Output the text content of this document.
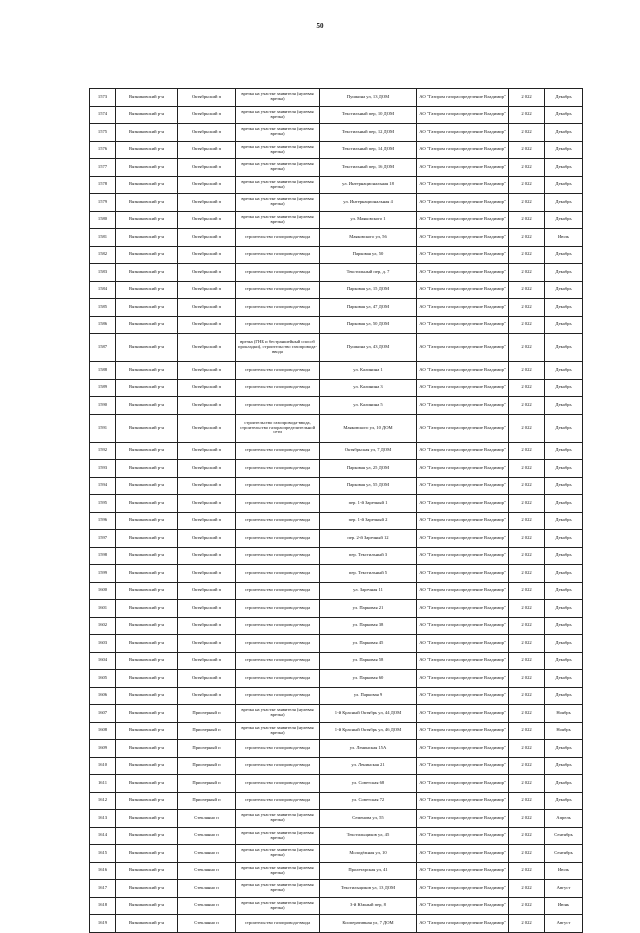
50
1573	Вязниковский р-н	Октябрьский п	врезка на участке заявителя (нулевая врезка)	Пушкина ул, 13 ДОМ	АО "Газпром газораспределение Владимир"	2 022	Декабрь
1574	Вязниковский р-н	Октябрьский п	врезка на участке заявителя (нулевая врезка)	Текстильный пер, 10 ДОМ	АО "Газпром газораспределение Владимир"	2 022	Декабрь
1575	Вязниковский р-н	Октябрьский п	врезка на участке заявителя (нулевая врезка)	Текстильный пер, 12 ДОМ	АО "Газпром газораспределение Владимир"	2 022	Декабрь
1576	Вязниковский р-н	Октябрьский п	врезка на участке заявителя (нулевая врезка)	Текстильный пер, 14 ДОМ	АО "Газпром газораспределение Владимир"	2 022	Декабрь
1577	Вязниковский р-н	Октябрьский п	врезка на участке заявителя (нулевая врезка)	Текстильный пер, 16 ДОМ	АО "Газпром газораспределение Владимир"	2 022	Декабрь
1578	Вязниковский р-н	Октябрьский п	врезка на участке заявителя (нулевая врезка)	ул. Интернациональная 18	АО "Газпром газораспределение Владимир"	2 022	Декабрь
1579	Вязниковский р-н	Октябрьский п	врезка на участке заявителя (нулевая врезка)	ул. Интернациональная 4	АО "Газпром газораспределение Владимир"	2 022	Декабрь
1580	Вязниковский р-н	Октябрьский п	врезка на участке заявителя (нулевая врезка)	ул. Маяковского 1	АО "Газпром газораспределение Владимир"	2 022	Декабрь
1581	Вязниковский р-н	Октябрьский п	строительство газопровода-ввода	Маяковского ул, 56	АО "Газпром газораспределение Владимир"	2 022	Июль
1582	Вязниковский р-н	Октябрьский п	строительство газопровода-ввода	Парковая ул, 50	АО "Газпром газораспределение Владимир"	2 022	Декабрь
1583	Вязниковский р-н	Октябрьский п	строительство газопровода-ввода	Текстильный пер, д. 7	АО "Газпром газораспределение Владимир"	2 022	Декабрь
1584	Вязниковский р-н	Октябрьский п	строительство газопровода-ввода	Парковая ул, 15 ДОМ	АО "Газпром газораспределение Владимир"	2 022	Декабрь
1585	Вязниковский р-н	Октябрьский п	строительство газопровода-ввода	Парковая ул, 47 ДОМ	АО "Газпром газораспределение Владимир"	2 022	Декабрь
1586	Вязниковский р-н	Октябрьский п	строительство газопровода-ввода	Парковая ул, 50 ДОМ	АО "Газпром газораспределение Владимир"	2 022	Декабрь
1587	Вязниковский р-н	Октябрьский п	врезка (ГНБ и бестраншейный способ прокладки), строительство газопровода-ввода	Пушкина ул, 43 ДОМ	АО "Газпром газораспределение Владимир"	2 022	Декабрь
1588	Вязниковский р-н	Октябрьский п	строительство газопровода-ввода	ул. Калинина 1	АО "Газпром газораспределение Владимир"	2 022	Декабрь
1589	Вязниковский р-н	Октябрьский п	строительство газопровода-ввода	ул. Калинина 3	АО "Газпром газораспределение Владимир"	2 022	Декабрь
1590	Вязниковский р-н	Октябрьский п	строительство газопровода-ввода	ул. Калинина 5	АО "Газпром газораспределение Владимир"	2 022	Декабрь
1591	Вязниковский р-н	Октябрьский п	строительство газопровода-ввода, строительство газораспределительной сети	Маяковского ул, 10 ДОМ	АО "Газпром газораспределение Владимир"	2 022	Декабрь
1592	Вязниковский р-н	Октябрьский п	строительство газопровода-ввода	Октябрьская ул, 7 ДОМ	АО "Газпром газораспределение Владимир"	2 022	Декабрь
1593	Вязниковский р-н	Октябрьский п	строительство газопровода-ввода	Парковая ул, 25 ДОМ	АО "Газпром газораспределение Владимир"	2 022	Декабрь
1594	Вязниковский р-н	Октябрьский п	строительство газопровода-ввода	Парковая ул, 55 ДОМ	АО "Газпром газораспределение Владимир"	2 022	Декабрь
1595	Вязниковский р-н	Октябрьский п	строительство газопровода-ввода	пер. 1-й Заречный 1	АО "Газпром газораспределение Владимир"	2 022	Декабрь
1596	Вязниковский р-н	Октябрьский п	строительство газопровода-ввода	пер. 1-й Заречный 2	АО "Газпром газораспределение Владимир"	2 022	Декабрь
1597	Вязниковский р-н	Октябрьский п	строительство газопровода-ввода	пер. 2-й Заречный 12	АО "Газпром газораспределение Владимир"	2 022	Декабрь
1598	Вязниковский р-н	Октябрьский п	строительство газопровода-ввода	пер. Текстильный 3	АО "Газпром газораспределение Владимир"	2 022	Декабрь
1599	Вязниковский р-н	Октябрьский п	строительство газопровода-ввода	пер. Текстильный 5	АО "Газпром газораспределение Владимир"	2 022	Декабрь
1600	Вязниковский р-н	Октябрьский п	строительство газопровода-ввода	ул. Заречная 11	АО "Газпром газораспределение Владимир"	2 022	Декабрь
1601	Вязниковский р-н	Октябрьский п	строительство газопровода-ввода	ул. Парковая 21	АО "Газпром газораспределение Владимир"	2 022	Декабрь
1602	Вязниковский р-н	Октябрьский п	строительство газопровода-ввода	ул. Парковая 38	АО "Газпром газораспределение Владимир"	2 022	Декабрь
1603	Вязниковский р-н	Октябрьский п	строительство газопровода-ввода	ул. Парковая 45	АО "Газпром газораспределение Владимир"	2 022	Декабрь
1604	Вязниковский р-н	Октябрьский п	строительство газопровода-ввода	ул. Парковая 58	АО "Газпром газораспределение Владимир"	2 022	Декабрь
1605	Вязниковский р-н	Октябрьский п	строительство газопровода-ввода	ул. Парковая 60	АО "Газпром газораспределение Владимир"	2 022	Декабрь
1606	Вязниковский р-н	Октябрьский п	строительство газопровода-ввода	ул. Парковая 9	АО "Газпром газораспределение Владимир"	2 022	Декабрь
1607	Вязниковский р-н	Приозерный п	врезка на участке заявителя (нулевая врезка)	1-й Красный Октябрь ул, 44 ДОМ	АО "Газпром газораспределение Владимир"	2 022	Ноябрь
1608	Вязниковский р-н	Приозерный п	врезка на участке заявителя (нулевая врезка)	1-й Красный Октябрь ул, 46 ДОМ	АО "Газпром газораспределение Владимир"	2 022	Ноябрь
1609	Вязниковский р-н	Приозерный п	строительство газопровода-ввода	ул. Ленинская 15А	АО "Газпром газораспределение Владимир"	2 022	Декабрь
1610	Вязниковский р-н	Приозерный п	строительство газопровода-ввода	ул. Ленинская 21	АО "Газпром газораспределение Владимир"	2 022	Декабрь
1611	Вязниковский р-н	Приозерный п	строительство газопровода-ввода	ул. Советская 68	АО "Газпром газораспределение Владимир"	2 022	Декабрь
1612	Вязниковский р-н	Приозерный п	строительство газопровода-ввода	ул. Советская 72	АО "Газпром газораспределение Владимир"	2 022	Декабрь
1613	Вязниковский р-н	Стеклянно п	врезка на участке заявителя (нулевая врезка)	Семенова ул, 55	АО "Газпром газораспределение Владимир"	2 022	Апрель
1614	Вязниковский р-н	Стеклянно п	врезка на участке заявителя (нулевая врезка)	Текстильщиков ул, 45	АО "Газпром газораспределение Владимир"	2 022	Сентябрь
1615	Вязниковский р-н	Стеклянно п	врезка на участке заявителя (нулевая врезка)	Молодёжная ул, 10	АО "Газпром газораспределение Владимир"	2 022	Сентябрь
1616	Вязниковский р-н	Стеклянно п	врезка на участке заявителя (нулевая врезка)	Пролетарская ул, 41	АО "Газпром газораспределение Владимир"	2 022	Июль
1617	Вязниковский р-н	Стеклянно п	врезка на участке заявителя (нулевая врезка)	Текстильщиков ул, 13 ДОМ	АО "Газпром газораспределение Владимир"	2 022	Август
1618	Вязниковский р-н	Стеклянно п	врезка на участке заявителя (нулевая врезка)	3-й Южный пер, 8	АО "Газпром газораспределение Владимир"	2 022	Июнь
1619	Вязниковский р-н	Стеклянно п	строительство газопровода-ввода	Кооперативная ул, 7 ДОМ	АО "Газпром газораспределение Владимир"	2 022	Август
